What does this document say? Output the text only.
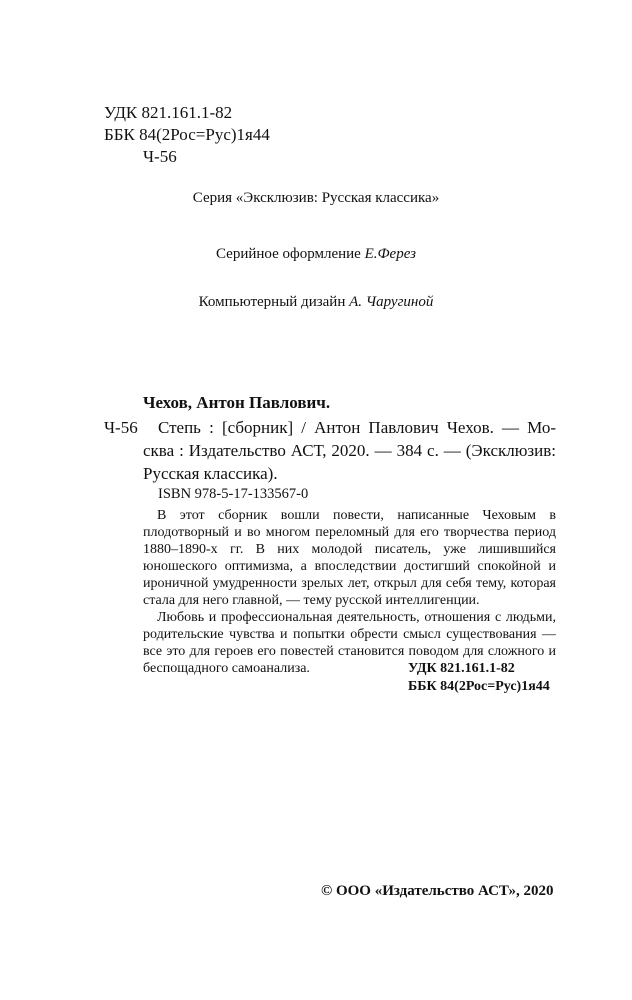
УДК 821.161.1-82
ББК 84(2Рос=Рус)1я44
Ч-56
Серия «Эксклюзив: Русская классика»
Серийное оформление Е.Ферез
Компьютерный дизайн А. Чаругиной
Чехов, Антон Павлович.
Ч-56 Степь : [сборник] / Антон Павлович Чехов. — Мо-
сква : Издательство АСТ, 2020. — 384 с. — (Эксклюзив:
Русская классика).
ISBN 978-5-17-133567-0

В этот сборник вошли повести, написанные Чеховым в плодотворный и во многом переломный для его творчества период 1880–1890-х гг. В них молодой писатель, уже лишившийся юношеского оптимизма, а впоследствии достигший спокойной и ироничной умудренности зрелых лет, открыл для себя тему, которая стала для него главной, — тему русской интеллигенции.

Любовь и профессиональная деятельность, отношения с людьми, родительские чувства и попытки обрести смысл существования — все это для героев его повестей становится поводом для сложного и беспощадного самоанализа.	УДК 821.161.1-82
ББК 84(2Рос=Рус)1я44
© ООО «Издательство АСТ», 2020
